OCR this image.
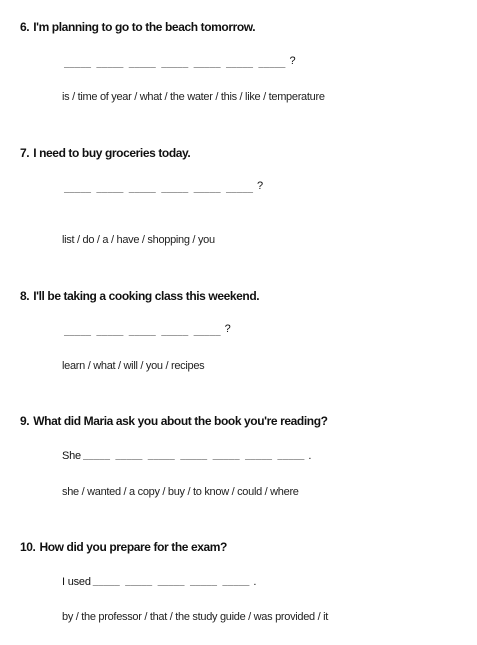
6. I'm planning to go to the beach tomorrow.
_____ _____ _____ _____ _____ _____ _____ ?
is / time of year / what / the water / this / like / temperature
7. I need to buy groceries today.
_____ _____ _____ _____ _____ _____ ?
list / do / a / have / shopping / you
8. I'll be taking a cooking class this weekend.
_____ _____ _____ _____ _____ ?
learn / what / will / you / recipes
9. What did Maria ask you about the book you're reading?
She _____ _____ _____ _____ _____ _____ _____ .
she / wanted / a copy / buy / to know / could / where
10. How did you prepare for the exam?
I used _____ _____ _____ _____ _____ .
by / the professor / that / the study guide / was provided / it
